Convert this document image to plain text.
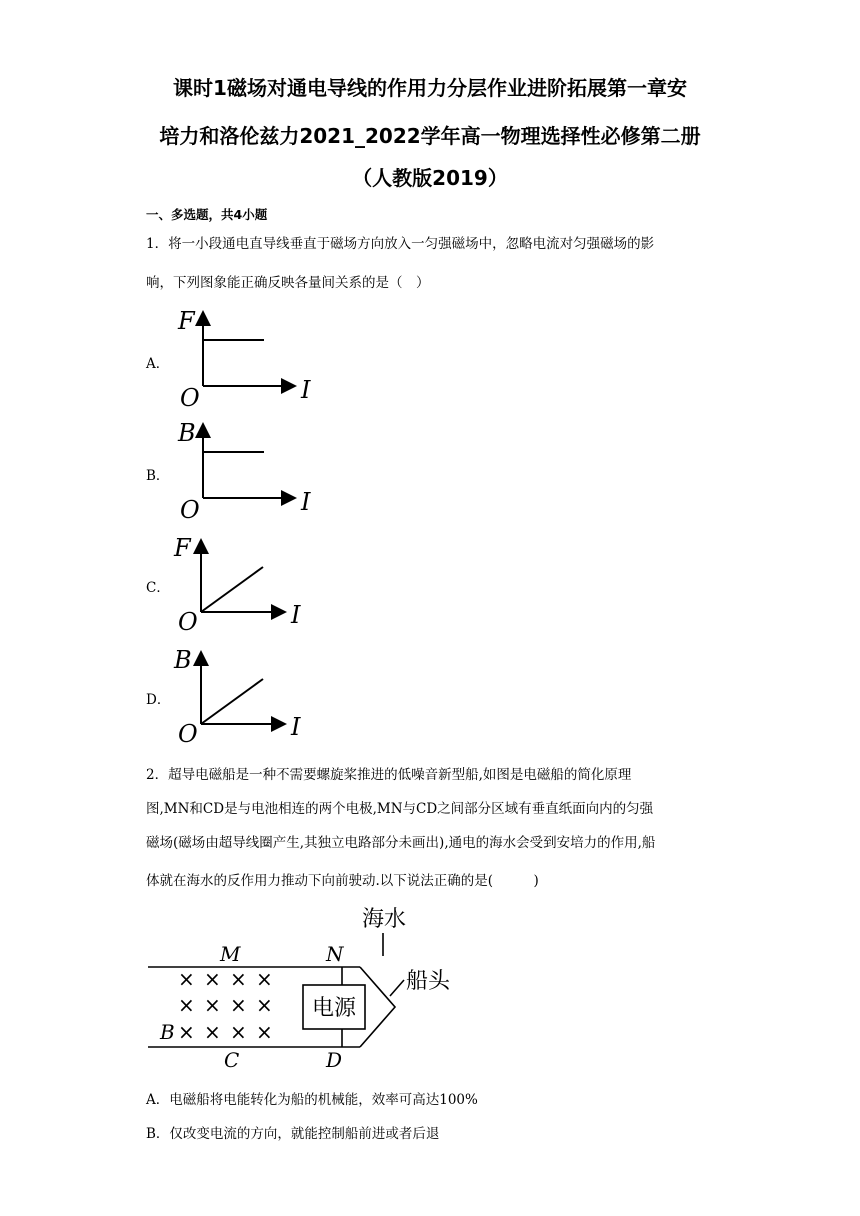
课时1磁场对通电导线的作用力分层作业进阶拓展第一章安
培力和洛伦兹力2021_2022学年高一物理选择性必修第二册
（人教版2019）
一、多选题，共4小题
1．将一小段通电直导线垂直于磁场方向放入一匀强磁场中，忽略电流对匀强磁场的影
响，下列图象能正确反映各量间关系的是（　）
A．
F
O	I
B．
B
O	I
C．
F
O	I
D．
B
O	I
2．超导电磁船是一种不需要螺旋桨推进的低噪音新型船,如图是电磁船的简化原理
图,MN和CD是与电池相连的两个电极,MN与CD之间部分区域有垂直纸面向内的匀强
磁场(磁场由超导线圈产生,其独立电路部分未画出),通电的海水会受到安培力的作用,船
体就在海水的反作用力推动下向前驶动.以下说法正确的是(　　　)
电源
海水
船头
M	N
C	D
B
× × × ×
× × × ×
× × × ×
A．电磁船将电能转化为船的机械能，效率可高达100%
B．仅改变电流的方向，就能控制船前进或者后退
